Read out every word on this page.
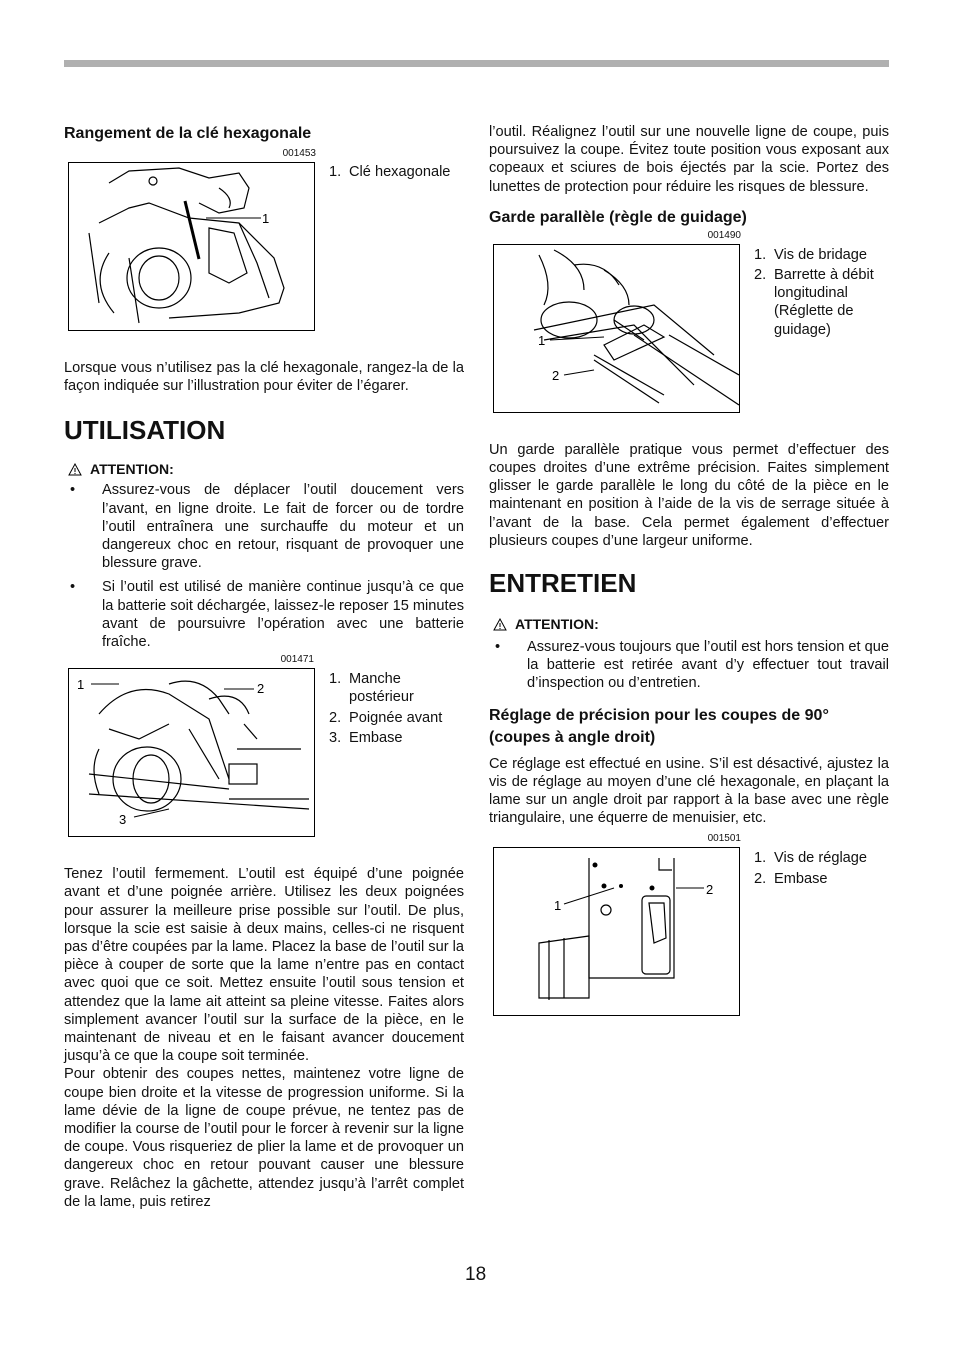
Rangement de la clé hexagonale

001453
1
1. Clé hexagonale

Lorsque vous n’utilisez pas la clé hexagonale, rangez-la de la façon indiquée sur l’illustration pour éviter de l’égarer.

UTILISATION

ATTENTION:

• Assurez-vous de déplacer l’outil doucement vers l’avant, en ligne droite. Le fait de forcer ou de tordre l’outil entraînera une surchauffe du moteur et un dangereux choc en retour, risquant de provoquer une blessure grave.

• Si l’outil est utilisé de manière continue jusqu’à ce que la batterie soit déchargée, laissez-le reposer 15 minutes avant de poursuivre l’opération avec une batterie fraîche.

001471
1	2
3
1. Manche postérieur
2. Poignée avant
3. Embase

Tenez l’outil fermement. L’outil est équipé d’une poignée avant et d’une poignée arrière. Utilisez les deux poignées pour assurer la meilleure prise possible sur l’outil. De plus, lorsque la scie est saisie à deux mains, celles-ci ne risquent pas d’être coupées par la lame. Placez la base de l’outil sur la pièce à couper de sorte que la lame n’entre pas en contact avec quoi que ce soit. Mettez ensuite l’outil sous tension et attendez que la lame ait atteint sa pleine vitesse. Faites alors simplement avancer l’outil sur la surface de la pièce, en le maintenant de niveau et en le faisant avancer doucement jusqu’à ce que la coupe soit terminée.

Pour obtenir des coupes nettes, maintenez votre ligne de coupe bien droite et la vitesse de progression uniforme. Si la lame dévie de la ligne de coupe prévue, ne tentez pas de modifier la course de l’outil pour le forcer à revenir sur la ligne de coupe. Vous risqueriez de plier la lame et de provoquer un dangereux choc en retour pouvant causer une blessure grave. Relâchez la gâchette, attendez jusqu’à l’arrêt complet de la lame, puis retirez

l’outil. Réalignez l’outil sur une nouvelle ligne de coupe, puis poursuivez la coupe. Évitez toute position vous exposant aux copeaux et sciures de bois éjectés par la scie. Portez des lunettes de protection pour réduire les risques de blessure.

Garde parallèle (règle de guidage)

001490
1
2
1. Vis de bridage
2. Barrette à débit longitudinal (Réglette de guidage)

Un garde parallèle pratique vous permet d’effectuer des coupes droites d’une extrême précision. Faites simplement glisser le garde parallèle le long du côté de la pièce en le maintenant en position à l’aide de la vis de serrage située à l’avant de la base. Cela permet également d’effectuer plusieurs coupes d’une largeur uniforme.

ENTRETIEN

ATTENTION:

• Assurez-vous toujours que l’outil est hors tension et que la batterie est retirée avant d’y effectuer tout travail d’inspection ou d’entretien.

Réglage de précision pour les coupes de 90° (coupes à angle droit)

Ce réglage est effectué en usine. S’il est désactivé, ajustez la vis de réglage au moyen d’une clé hexagonale, en plaçant la lame sur un angle droit par rapport à la base avec une règle triangulaire, une équerre de menuisier, etc.

001501
1
2
1. Vis de réglage
2. Embase
18
